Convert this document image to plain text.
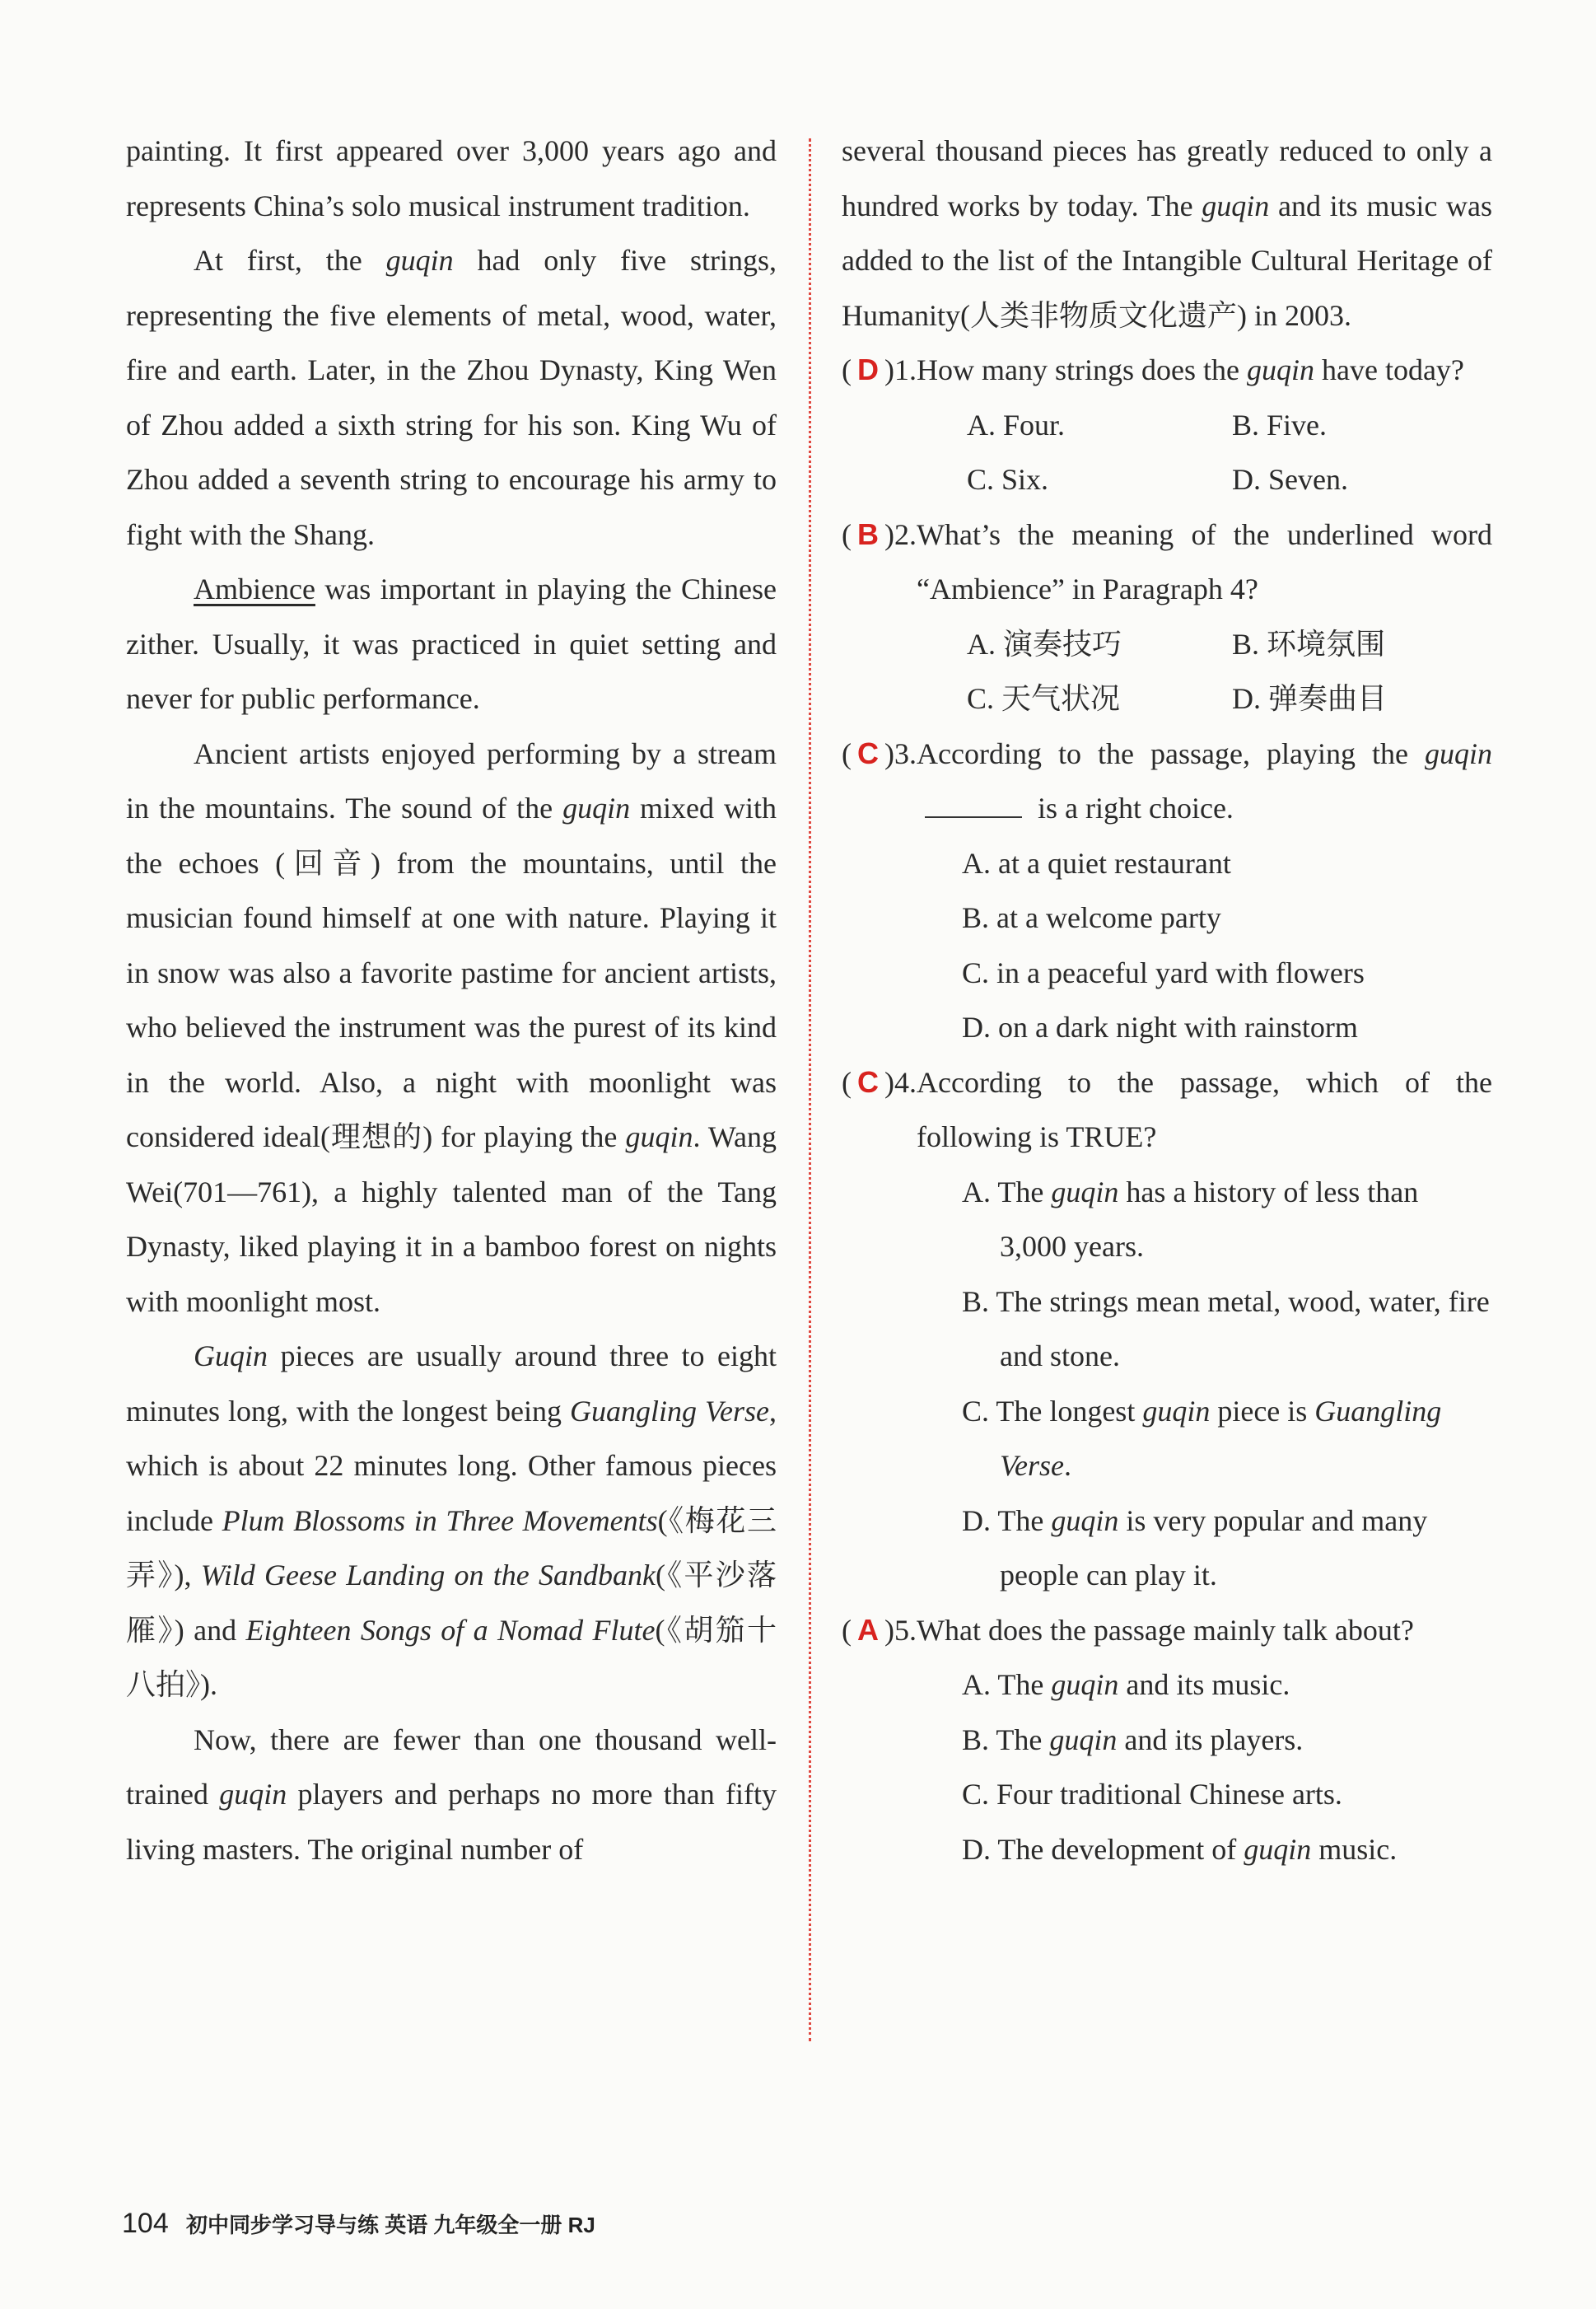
painting. It first appeared over 3,000 years ago and represents China’s solo musical instrument tradition.

At first, the guqin had only five strings, representing the five elements of metal, wood, water, fire and earth. Later, in the Zhou Dynasty, King Wen of Zhou added a sixth string for his son. King Wu of Zhou added a seventh string to encourage his army to fight with the Shang.

Ambience was important in playing the Chinese zither. Usually, it was practiced in quiet setting and never for public performance.

Ancient artists enjoyed performing by a stream in the mountains. The sound of the guqin mixed with the echoes (回音) from the mountains, until the musician found himself at one with nature. Playing it in snow was also a favorite pastime for ancient artists, who believed the instrument was the purest of its kind in the world. Also, a night with moonlight was considered ideal(理想的) for playing the guqin. Wang Wei(701—761), a highly talented man of the Tang Dynasty, liked playing it in a bamboo forest on nights with moonlight most.

Guqin pieces are usually around three to eight minutes long, with the longest being Guangling Verse, which is about 22 minutes long. Other famous pieces include Plum Blossoms in Three Movements(《梅花三弄》), Wild Geese Landing on the Sandbank(《平沙落雁》) and Eighteen Songs of a Nomad Flute(《胡笳十八拍》).

Now, there are fewer than one thousand well-trained guqin players and perhaps no more than fifty living masters. The original number of

several thousand pieces has greatly reduced to only a hundred works by today. The guqin and its music was added to the list of the Intangible Cultural Heritage of Humanity(人类非物质文化遗产) in 2003.

( D )1. How many strings does the guqin have today?
A. Four.	B. Five.
C. Six.	D. Seven.
( B )2. What’s the meaning of the underlined word “Ambience” in Paragraph 4?
A. 演奏技巧	B. 环境氛围
C. 天气状况	D. 弹奏曲目
( C )3. According to the passage, playing the guqin is a right choice.
A. at a quiet restaurant
B. at a welcome party
C. in a peaceful yard with flowers
D. on a dark night with rainstorm
( C )4. According to the passage, which of the following is TRUE?
A. The guqin has a history of less than 3,000 years.
B. The strings mean metal, wood, water, fire and stone.
C. The longest guqin piece is Guangling Verse.
D. The guqin is very popular and many people can play it.
( A )5. What does the passage mainly talk about?
A. The guqin and its music.
B. The guqin and its players.
C. Four traditional Chinese arts.
D. The development of guqin music.
104 初中同步学习导与练 英语 九年级全一册 RJ
